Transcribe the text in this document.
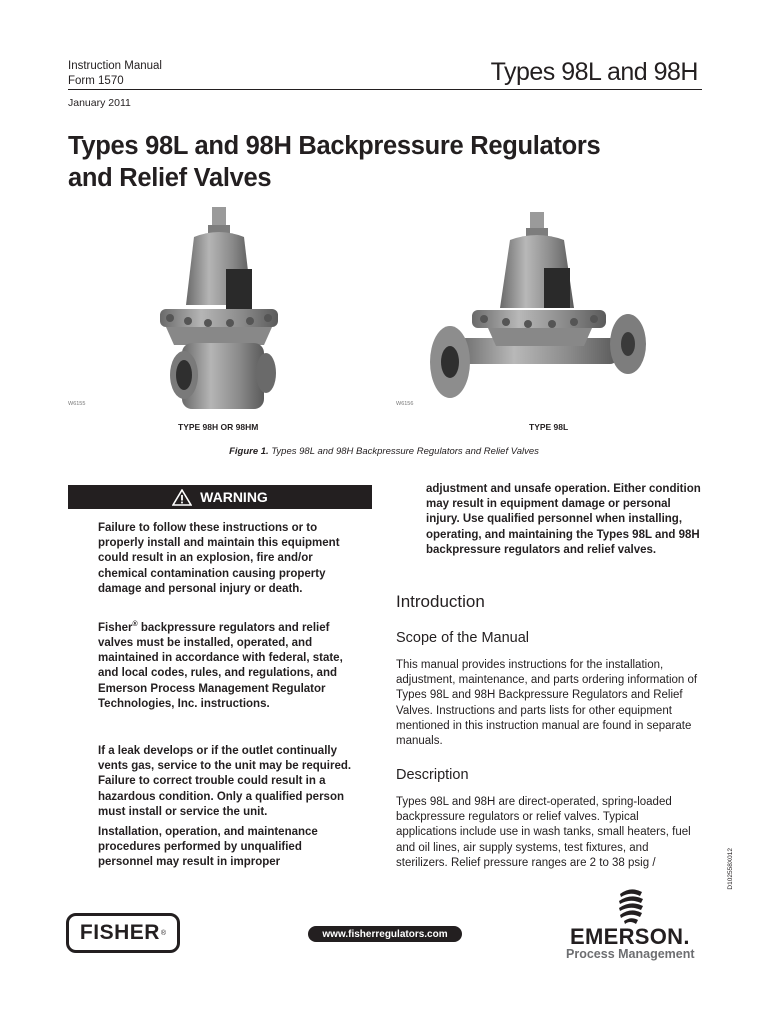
Instruction Manual
Form 1570	Types 98L and 98H
January 2011
Types 98L and 98H Backpressure Regulators
and Relief Valves
W6155
TYPE 98H OR 98HM
W6156
TYPE 98L
Figure 1. Types 98L and 98H Backpressure Regulators and Relief Valves
WARNING

Failure to follow these instructions or to properly install and maintain this equipment could result in an explosion, fire and/or chemical contamination causing property damage and personal injury or death.

Fisher® backpressure regulators and relief valves must be installed, operated, and maintained in accordance with federal, state, and local codes, rules, and regulations, and Emerson Process Management Regulator Technologies, Inc. instructions.

If a leak develops or if the outlet continually vents gas, service to the unit may be required. Failure to correct trouble could result in a hazardous condition. Only a qualified person must install or service the unit.

Installation, operation, and maintenance procedures performed by unqualified personnel may result in improper

adjustment and unsafe operation. Either condition may result in equipment damage or personal injury. Use qualified personnel when installing, operating, and maintaining the Types 98L and 98H backpressure regulators and relief valves.

Introduction
Scope of the Manual

This manual provides instructions for the installation, adjustment, maintenance, and parts ordering information of Types 98L and 98H Backpressure Regulators and Relief Valves. Instructions and parts lists for other equipment mentioned in this instruction manual are found in separate manuals.

Description

Types 98L and 98H are direct-operated, spring-loaded backpressure regulators or relief valves. Typical applications include use in wash tanks, small heaters, fuel and oil lines, air supply systems, test fixtures, and sterilizers. Relief pressure ranges are 2 to 38 psig /	D102558X012
FISHER ®	www.fisherregulators.com	EMERSON.
Process Management
